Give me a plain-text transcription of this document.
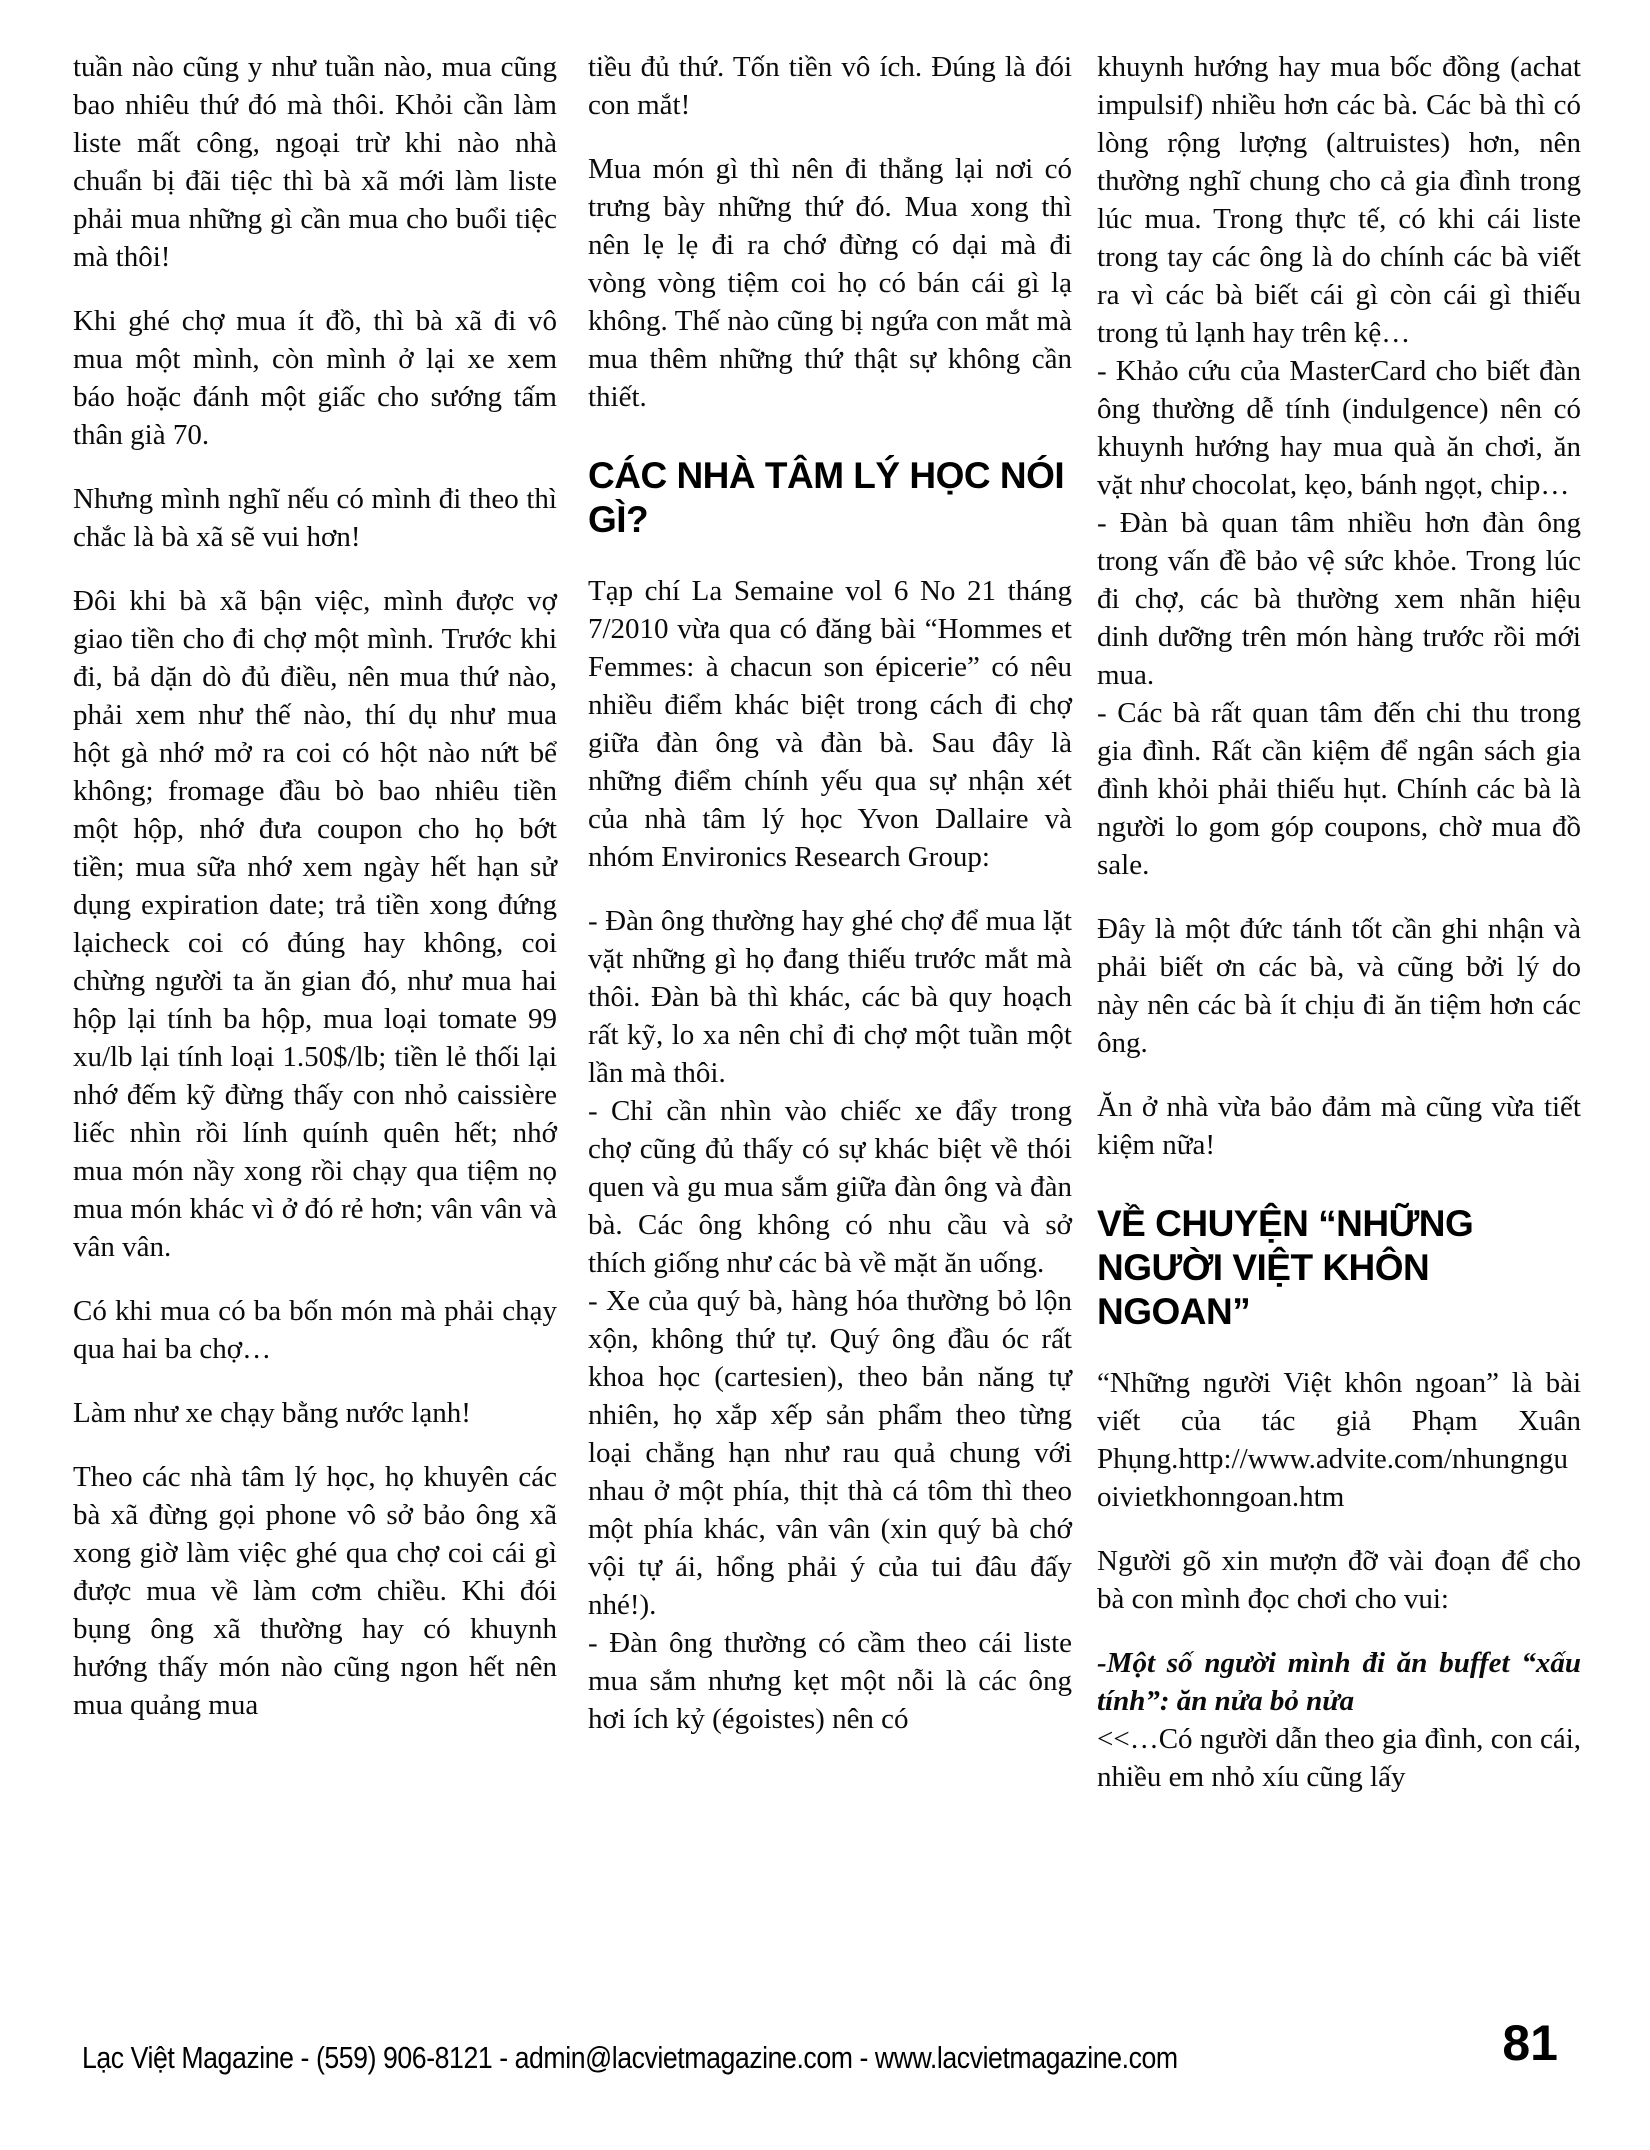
tuần nào cũng y như tuần nào, mua cũng bao nhiêu thứ đó mà thôi. Khỏi cần làm liste mất công, ngoại trừ khi nào nhà chuẩn bị đãi tiệc thì bà xã mới làm liste phải mua những gì cần mua cho buổi tiệc mà thôi!

Khi ghé chợ mua ít đồ, thì bà xã đi vô mua một mình, còn mình ở lại xe xem báo hoặc đánh một giấc cho sướng tấm thân già 70.

Nhưng mình nghĩ nếu có mình đi theo thì chắc là bà xã sẽ vui hơn!

Đôi khi bà xã bận việc, mình được vợ giao tiền cho đi chợ một mình. Trước khi đi, bả dặn dò đủ điều, nên mua thứ nào, phải xem như thế nào, thí dụ như mua hột gà nhớ mở ra coi có hột nào nứt bể không; fromage đầu bò bao nhiêu tiền một hộp, nhớ đưa coupon cho họ bớt tiền; mua sữa nhớ xem ngày hết hạn sử dụng expiration date; trả tiền xong đứng lạicheck coi có đúng hay không, coi chừng người ta ăn gian đó, như mua hai hộp lại tính ba hộp, mua loại tomate 99 xu/lb lại tính loại 1.50$/lb; tiền lẻ thối lại nhớ đếm kỹ đừng thấy con nhỏ caissière liếc nhìn rồi lính quính quên hết; nhớ mua món nầy xong rồi chạy qua tiệm nọ mua món khác vì ở đó rẻ hơn; vân vân và vân vân.

Có khi mua có ba bốn món mà phải chạy qua hai ba chợ…

Làm như xe chạy bằng nước lạnh!

Theo các nhà tâm lý học, họ khuyên các bà xã đừng gọi phone vô sở bảo ông xã xong giờ làm việc ghé qua chợ coi cái gì được mua về làm cơm chiều. Khi đói bụng ông xã thường hay có khuynh hướng thấy món nào cũng ngon hết nên mua quảng mua

tiều đủ thứ. Tốn tiền vô ích. Đúng là đói con mắt!

Mua món gì thì nên đi thẳng lại nơi có trưng bày những thứ đó. Mua xong thì nên lẹ lẹ đi ra chớ đừng có dại mà đi vòng vòng tiệm coi họ có bán cái gì lạ không. Thế nào cũng bị ngứa con mắt mà mua thêm những thứ thật sự không cần thiết.

CÁC NHÀ TÂM LÝ HỌC NÓI GÌ?

Tạp chí La Semaine vol 6 No 21 tháng 7/2010 vừa qua có đăng bài “Hommes et Femmes: à chacun son épicerie” có nêu nhiều điểm khác biệt trong cách đi chợ giữa đàn ông và đàn bà. Sau đây là những điểm chính yếu qua sự nhận xét của nhà tâm lý học Yvon Dallaire và nhóm Environics Research Group:

- Đàn ông thường hay ghé chợ để mua lặt vặt những gì họ đang thiếu trước mắt mà thôi. Đàn bà thì khác, các bà quy hoạch rất kỹ, lo xa nên chỉ đi chợ một tuần một lần mà thôi.

- Chỉ cần nhìn vào chiếc xe đẩy trong chợ cũng đủ thấy có sự khác biệt về thói quen và gu mua sắm giữa đàn ông và đàn bà. Các ông không có nhu cầu và sở thích giống như các bà về mặt ăn uống.

- Xe của quý bà, hàng hóa thường bỏ lộn xộn, không thứ tự. Quý ông đầu óc rất khoa học (cartesien), theo bản năng tự nhiên, họ xắp xếp sản phẩm theo từng loại chẳng hạn như rau quả chung với nhau ở một phía, thịt thà cá tôm thì theo một phía khác, vân vân (xin quý bà chớ vội tự ái, hổng phải ý của tui đâu đấy nhé!).

- Đàn ông thường có cầm theo cái liste mua sắm nhưng kẹt một nỗi là các ông hơi ích kỷ (égoistes) nên có

khuynh hướng hay mua bốc đồng (achat impulsif) nhiều hơn các bà. Các bà thì có lòng rộng lượng (altruistes) hơn, nên thường nghĩ chung cho cả gia đình trong lúc mua. Trong thực tế, có khi cái liste trong tay các ông là do chính các bà viết ra vì các bà biết cái gì còn cái gì thiếu trong tủ lạnh hay trên kệ…

- Khảo cứu của MasterCard cho biết đàn ông thường dễ tính (indulgence) nên có khuynh hướng hay mua quà ăn chơi, ăn vặt như chocolat, kẹo, bánh ngọt, chip…

- Đàn bà quan tâm nhiều hơn đàn ông trong vấn đề bảo vệ sức khỏe. Trong lúc đi chợ, các bà thường xem nhãn hiệu dinh dưỡng trên món hàng trước rồi mới mua.

- Các bà rất quan tâm đến chi thu trong gia đình. Rất cần kiệm để ngân sách gia đình khỏi phải thiếu hụt. Chính các bà là người lo gom góp coupons, chờ mua đồ sale.

Đây là một đức tánh tốt cần ghi nhận và phải biết ơn các bà, và cũng bởi lý do này nên các bà ít chịu đi ăn tiệm hơn các ông.

Ăn ở nhà vừa bảo đảm mà cũng vừa tiết kiệm nữa!

VỀ CHUYỆN “NHỮNG NGƯỜI VIỆT KHÔN NGOAN”

“Những người Việt khôn ngoan” là bài viết của tác giả Phạm Xuân Phụng.http://www.advite.com/nhungnguoivietkhonngoan.htm

Người gõ xin mượn đỡ vài đoạn để cho bà con mình đọc chơi cho vui:

-Một số người mình đi ăn buffet “xấu tính”: ăn nửa bỏ nửa

<<…Có người dẫn theo gia đình, con cái, nhiều em nhỏ xíu cũng lấy

Lạc Việt Magazine - (559) 906-8121 - admin@lacvietmagazine.com - www.lacvietmagazine.com	81
